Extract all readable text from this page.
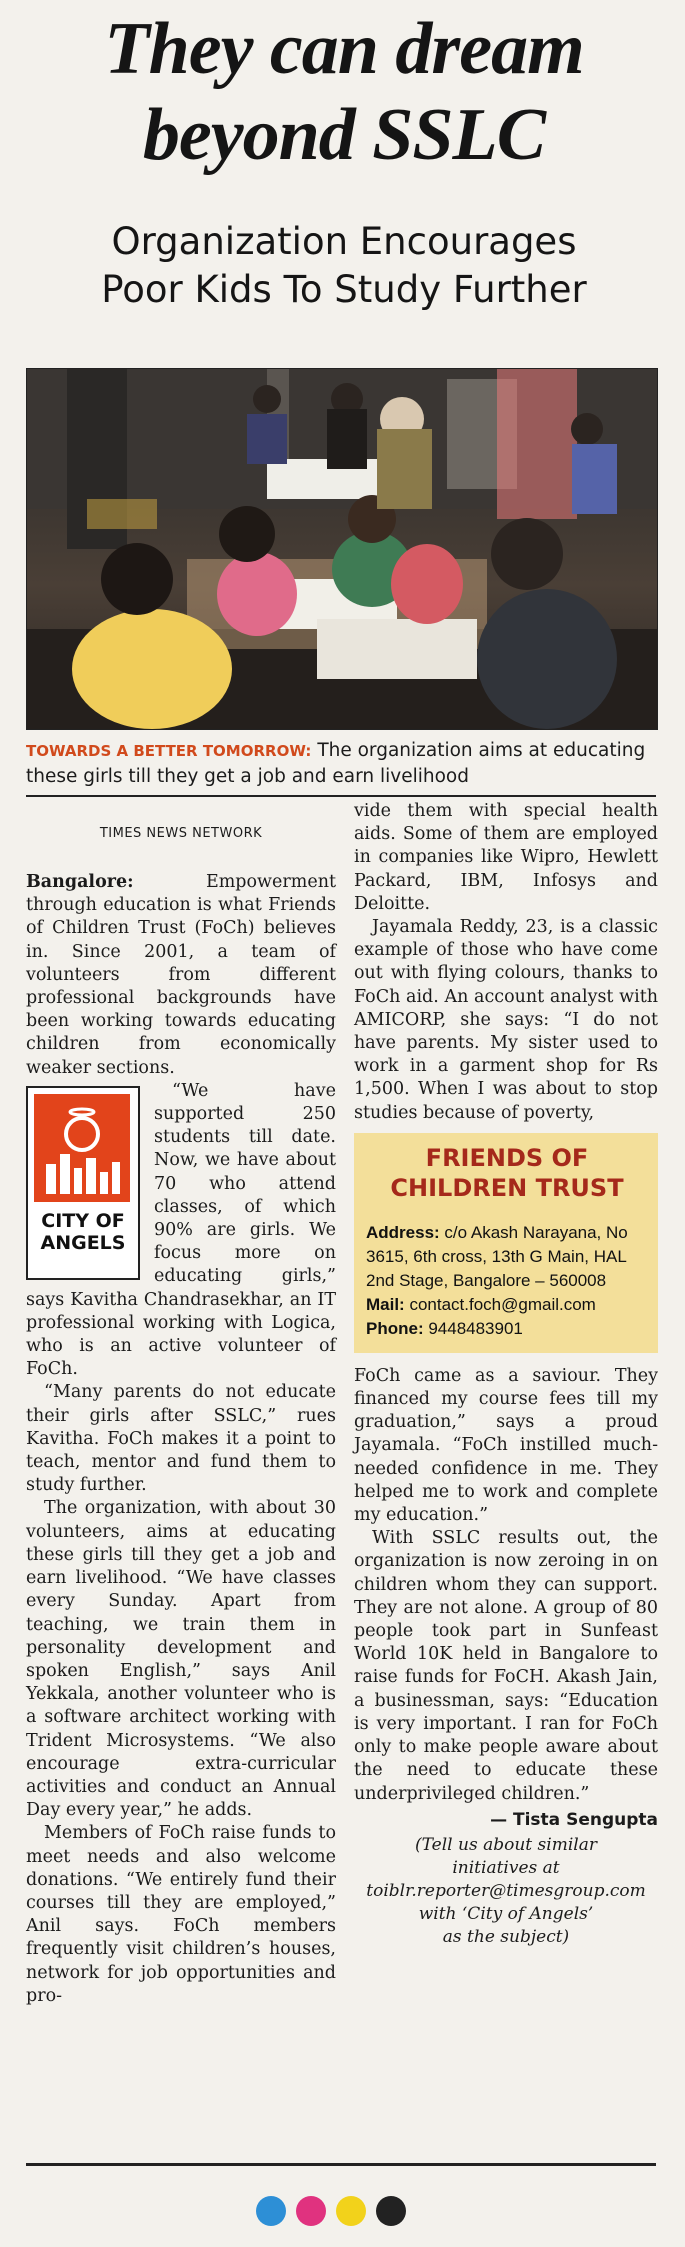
They can dream
beyond SSLC
Organization Encourages
Poor Kids To Study Further
TOWARDS A BETTER TOMORROW: The organization aims at educating these girls till they get a job and earn livelihood
TIMES NEWS NETWORK

Bangalore: Empowerment through education is what Friends of Children Trust (FoCh) believes in. Since 2001, a team of volunteers from different professional backgrounds have been working towards educating children from economically weaker sections.

CITY OF
ANGELS

“We have supported 250 students till date. Now, we have about 70 who attend classes, of which 90% are girls. We focus more on educating girls,” says Kavitha Chandrasekhar, an IT professional working with Logica, who is an active volunteer of FoCh.

“Many parents do not educate their girls after SSLC,” rues Kavitha. FoCh makes it a point to teach, mentor and fund them to study further.

The organization, with about 30 volunteers, aims at educating these girls till they get a job and earn livelihood. “We have classes every Sunday. Apart from teaching, we train them in personality development and spoken English,” says Anil Yekkala, another volunteer who is a software architect working with Trident Microsystems. “We also encourage extra-curricular activities and conduct an Annual Day every year,” he adds.

Members of FoCh raise funds to meet needs and also welcome donations. “We entirely fund their courses till they are employed,” Anil says. FoCh members frequently visit children’s houses, network for job opportunities and pro-

vide them with special health aids. Some of them are employed in companies like Wipro, Hewlett Packard, IBM, Infosys and Deloitte.

Jayamala Reddy, 23, is a classic example of those who have come out with flying colours, thanks to FoCh aid. An account analyst with AMICORP, she says: “I do not have parents. My sister used to work in a garment shop for Rs 1,500. When I was about to stop studies because of poverty,

FRIENDS OF
CHILDREN TRUST
Address: c/o Akash Narayana, No 3615, 6th cross, 13th G Main, HAL 2nd Stage, Bangalore – 560008
Mail: contact.foch@gmail.com
Phone: 9448483901

FoCh came as a saviour. They financed my course fees till my graduation,” says a proud Jayamala. “FoCh instilled much-needed confidence in me. They helped me to work and complete my education.”

With SSLC results out, the organization is now zeroing in on children whom they can support. They are not alone. A group of 80 people took part in Sunfeast World 10K held in Bangalore to raise funds for FoCH. Akash Jain, a businessman, says: “Education is very important. I ran for FoCh only to make people aware about the need to educate these underprivileged children.”

— Tista Sengupta
(Tell us about similar
initiatives at
toiblr.reporter@timesgroup.com
with ‘City of Angels’
as the subject)
